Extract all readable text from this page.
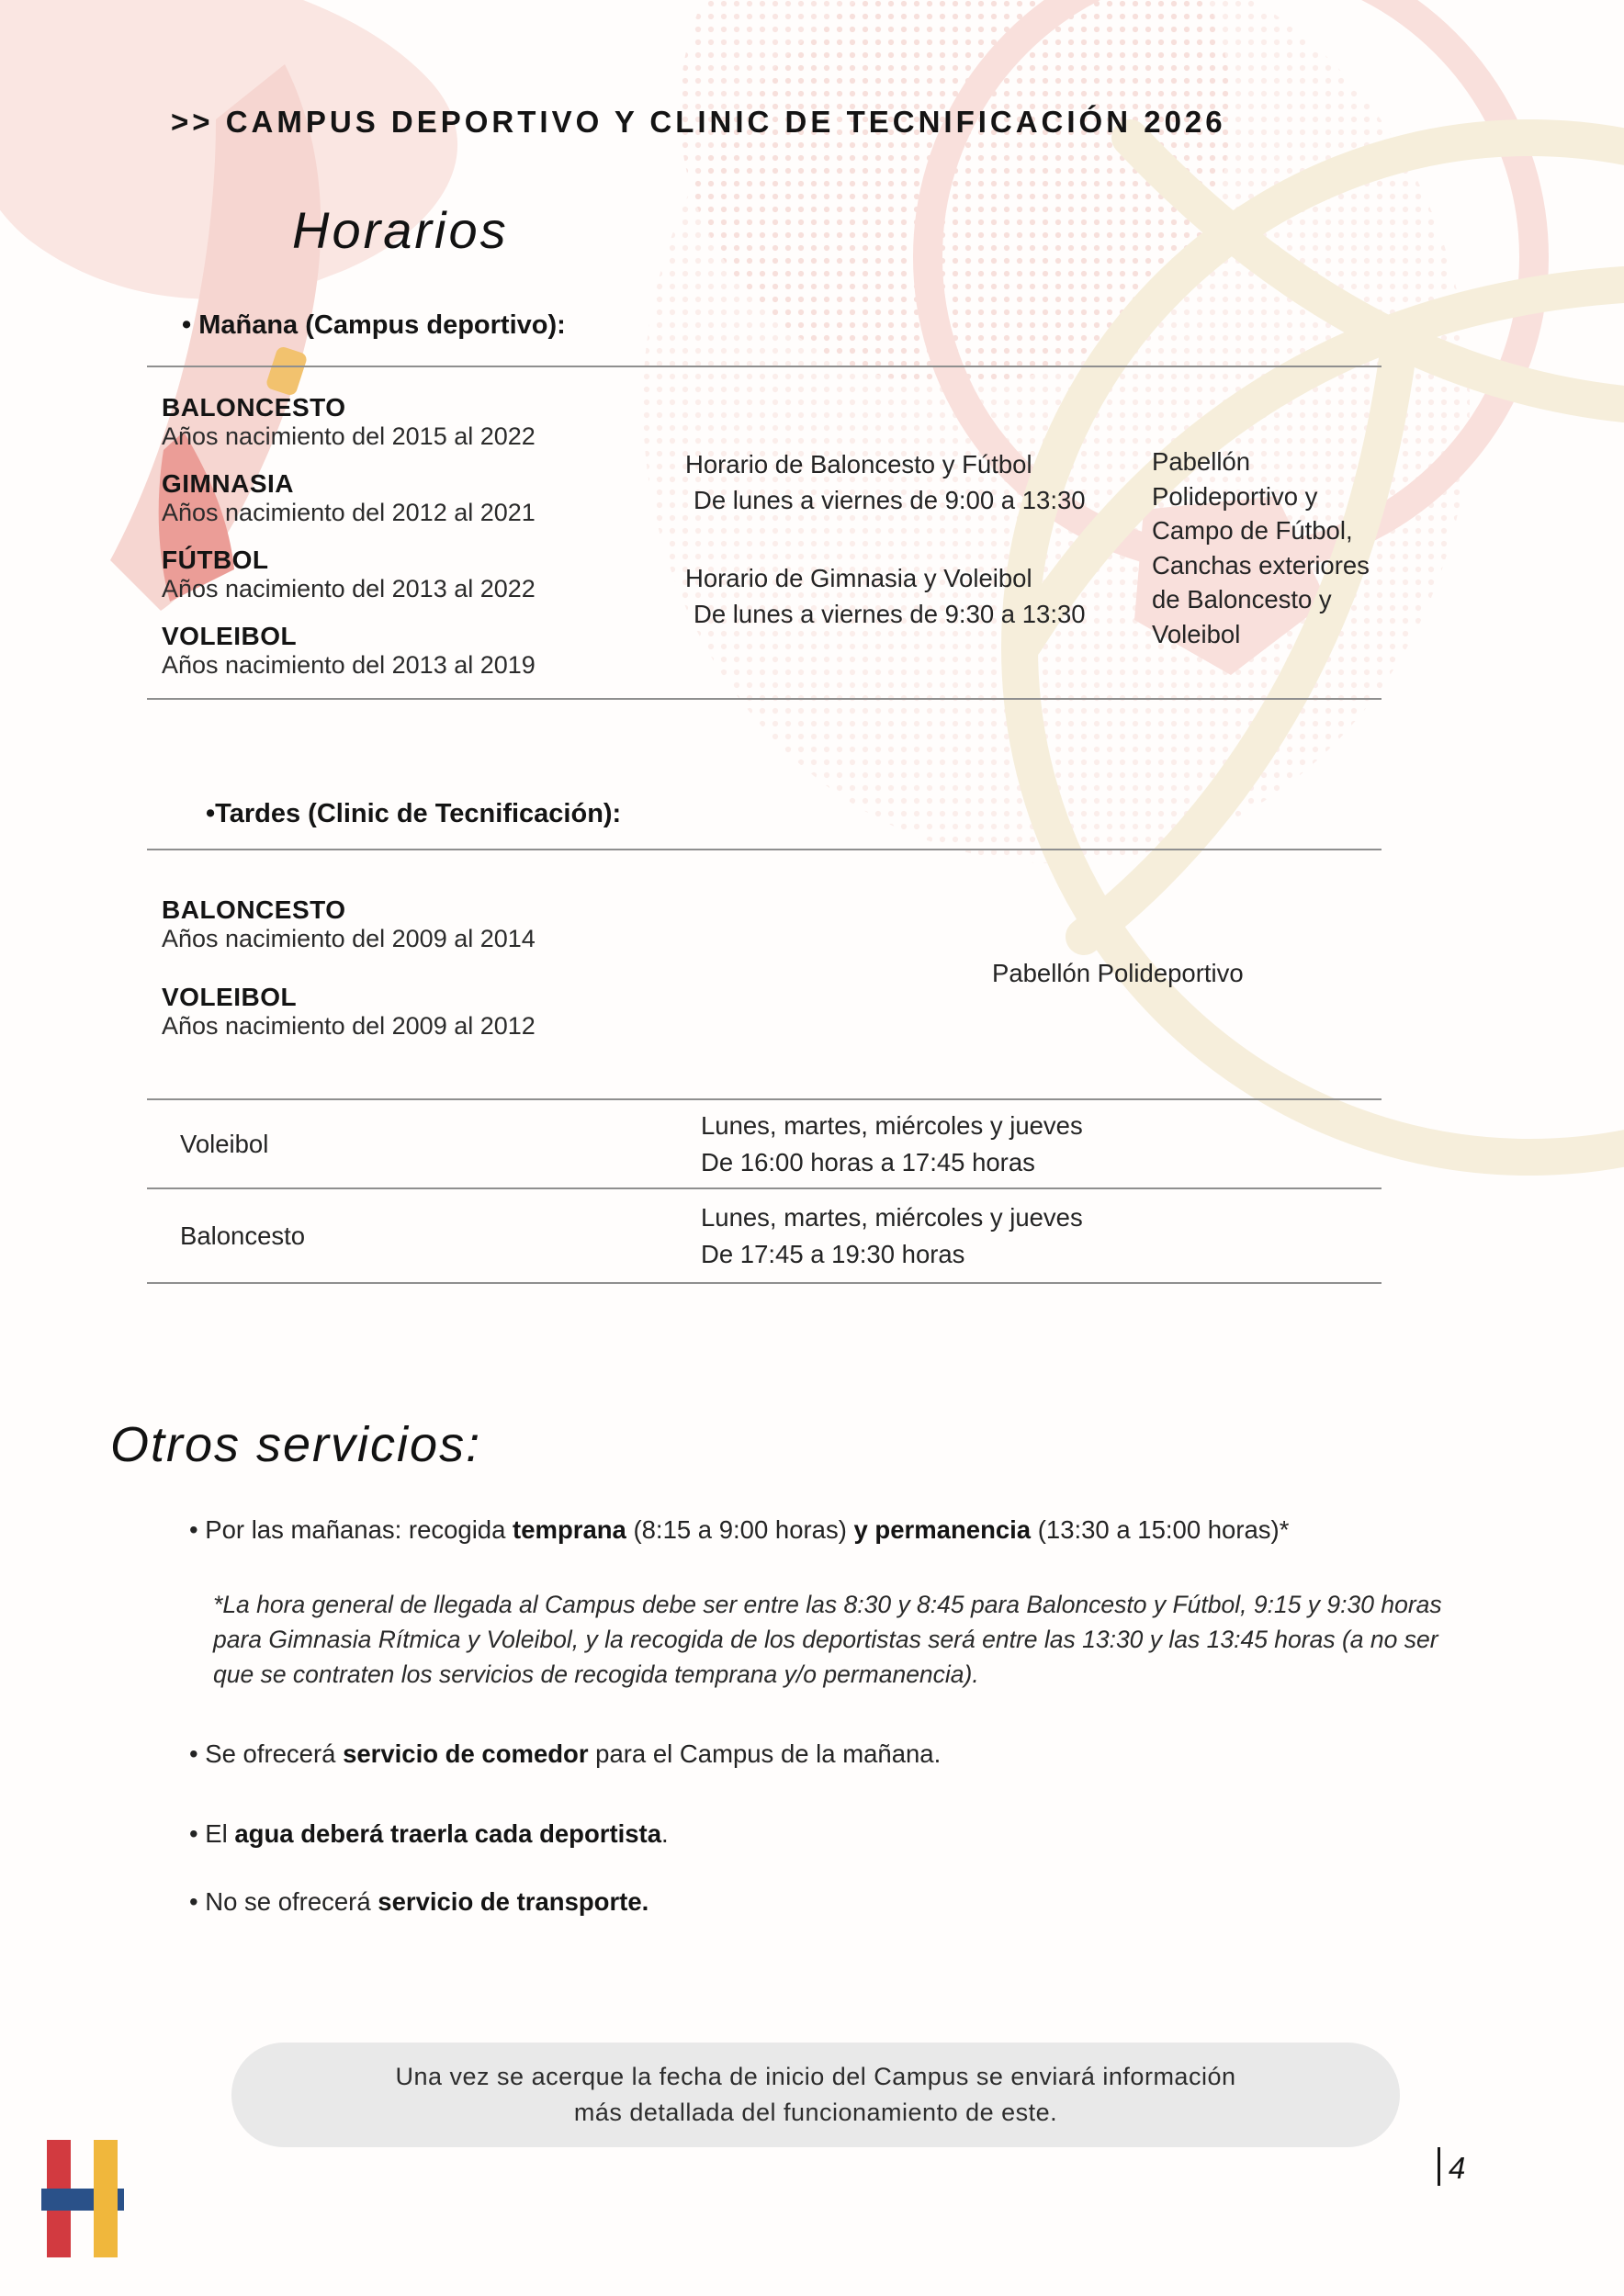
>> CAMPUS DEPORTIVO Y CLINIC DE TECNIFICACIÓN 2026
Horarios
• Mañana (Campus deportivo):
BALONCESTO
Años nacimiento del 2015 al 2022
GIMNASIA
Años nacimiento del 2012 al 2021
FÚTBOL
Años nacimiento del 2013 al 2022
VOLEIBOL
Años nacimiento del 2013 al 2019
Horario de Baloncesto y Fútbol
De lunes a viernes de 9:00 a 13:30
Horario de Gimnasia y Voleibol
De lunes a viernes de 9:30 a 13:30
Pabellón Polideportivo y Campo de Fútbol, Canchas exteriores de Baloncesto y Voleibol
•Tardes (Clinic de Tecnificación):
BALONCESTO
Años nacimiento del 2009 al 2014
VOLEIBOL
Años nacimiento del 2009 al 2012
Pabellón Polideportivo
Voleibol
Lunes, martes, miércoles y jueves
De 16:00 horas a 17:45 horas
Baloncesto
Lunes, martes, miércoles y jueves
De 17:45 a 19:30 horas
Otros servicios:
• Por las mañanas: recogida temprana (8:15 a 9:00 horas) y permanencia (13:30 a 15:00 horas)*
*La hora general de llegada al Campus debe ser entre las 8:30 y 8:45 para Baloncesto y Fútbol, 9:15 y 9:30 horas para Gimnasia Rítmica y Voleibol, y la recogida de los deportistas será entre las 13:30 y las 13:45 horas (a no ser que se contraten los servicios de recogida temprana y/o permanencia).
• Se ofrecerá servicio de comedor para el Campus de la mañana.
• El agua deberá traerla cada deportista.
• No se ofrecerá servicio de transporte.
Una vez se acerque la fecha de inicio del Campus se enviará información
más detallada del funcionamiento de este.
4
